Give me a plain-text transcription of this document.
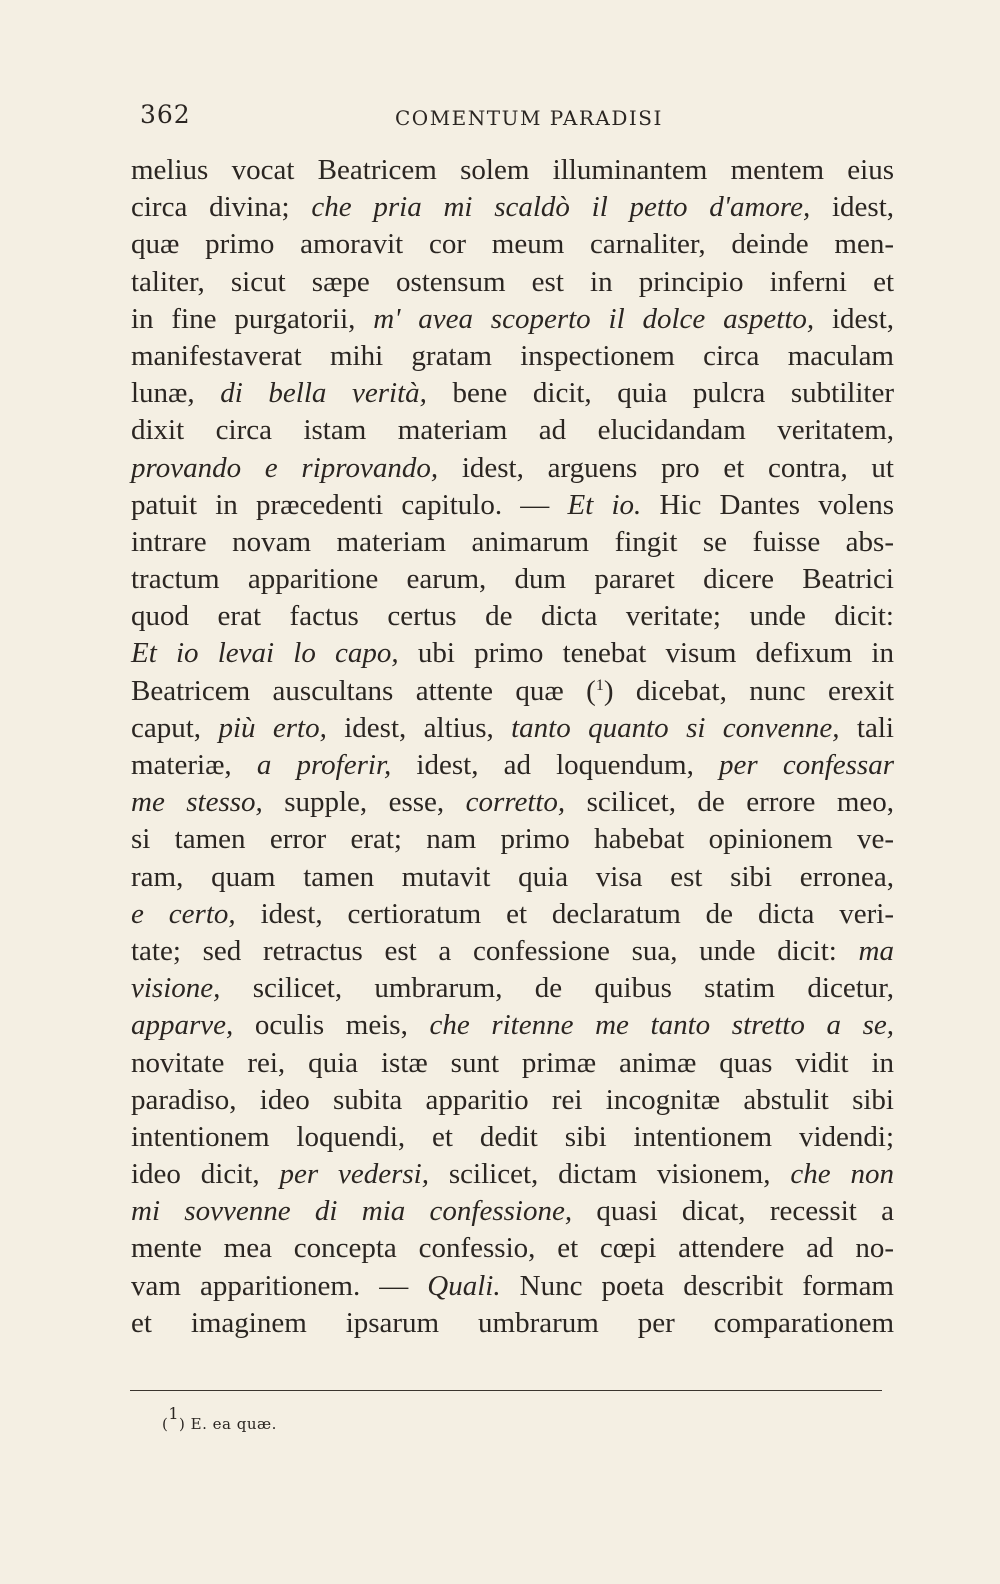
362	COMENTUM PARADISI
melius vocat Beatricem solem illuminantem mentem eius
circa divina; che pria mi scaldò il petto d'amore, idest,
quæ primo amoravit cor meum carnaliter, deinde men-
taliter, sicut sæpe ostensum est in principio inferni et
in fine purgatorii, m' avea scoperto il dolce aspetto, idest,
manifestaverat mihi gratam inspectionem circa maculam
lunæ, di bella verità, bene dicit, quia pulcra subtiliter
dixit circa istam materiam ad elucidandam veritatem,
provando e riprovando, idest, arguens pro et contra, ut
patuit in præcedenti capitulo. — Et io. Hic Dantes volens
intrare novam materiam animarum fingit se fuisse abs-
tractum apparitione earum, dum pararet dicere Beatrici
quod erat factus certus de dicta veritate; unde dicit:
Et io levai lo capo, ubi primo tenebat visum defixum in
Beatricem auscultans attente quæ ($^1$) dicebat, nunc erexit
caput, più erto, idest, altius, tanto quanto si convenne, tali
materiæ, a proferir, idest, ad loquendum, per confessar
me stesso, supple, esse, corretto, scilicet, de errore meo,
si tamen error erat; nam primo habebat opinionem ve-
ram, quam tamen mutavit quia visa est sibi erronea,
e certo, idest, certioratum et declaratum de dicta veri-
tate; sed retractus est a confessione sua, unde dicit: ma
visione, scilicet, umbrarum, de quibus statim dicetur,
apparve, oculis meis, che ritenne me tanto stretto a se,
novitate rei, quia istæ sunt primæ animæ quas vidit in
paradiso, ideo subita apparitio rei incognitæ abstulit sibi
intentionem loquendi, et dedit sibi intentionem videndi;
ideo dicit, per vedersi, scilicet, dictam visionem, che non
mi sovvenne di mia confessione, quasi dicat, recessit a
mente mea concepta confessio, et cœpi attendere ad no-
vam apparitionem. — Quali. Nunc poeta describit formam
et imaginem ipsarum umbrarum per comparationem
($^1$) E. ea quæ.
